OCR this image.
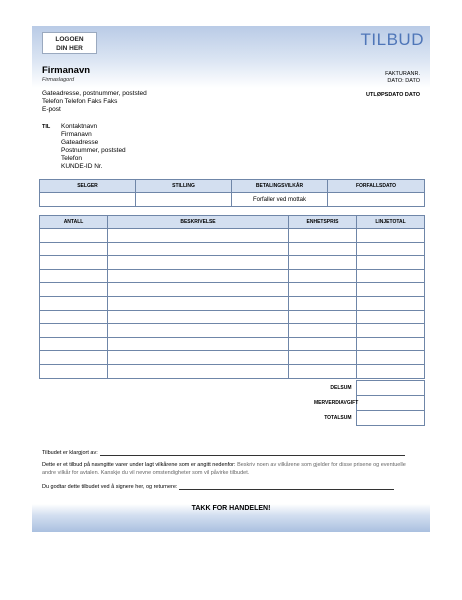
LOGOEN
DIN HER	TILBUD
Firmanavn
Firmaslagord
FAKTURANR.
DATO: DATO
UTLØPSDATO DATO
Gateadresse, postnummer, poststed
Telefon Telefon Faks Faks
E-post
TIL Kontaktnavn
Firmanavn
Gateadresse
Postnummer, poststed
Telefon
KUNDE-ID Nr.
SELGER	STILLING	BETALINGSVILKÅR	FORFALLSDATO
		Forfaller ved mottak	
ANTALL	BESKRIVELSE	ENHETSPRIS	LINJETOTAL

DELSUM	
MERVERDIAVGIFT	
TOTALSUM	
Tilbudet er klargjort av:
Dette er et tilbud på navngitte varer under lagt vilkårene som er angitt nedenfor: Beskriv noen av vilkårene som gjelder for disse prisene og eventuelle andre vilkår for avtalen. Kanskje du vil nevne omstendigheter som vil påvirke tilbudet.
Du godtar dette tilbudet ved å signere her, og returnere:
TAKK FOR HANDELEN!
